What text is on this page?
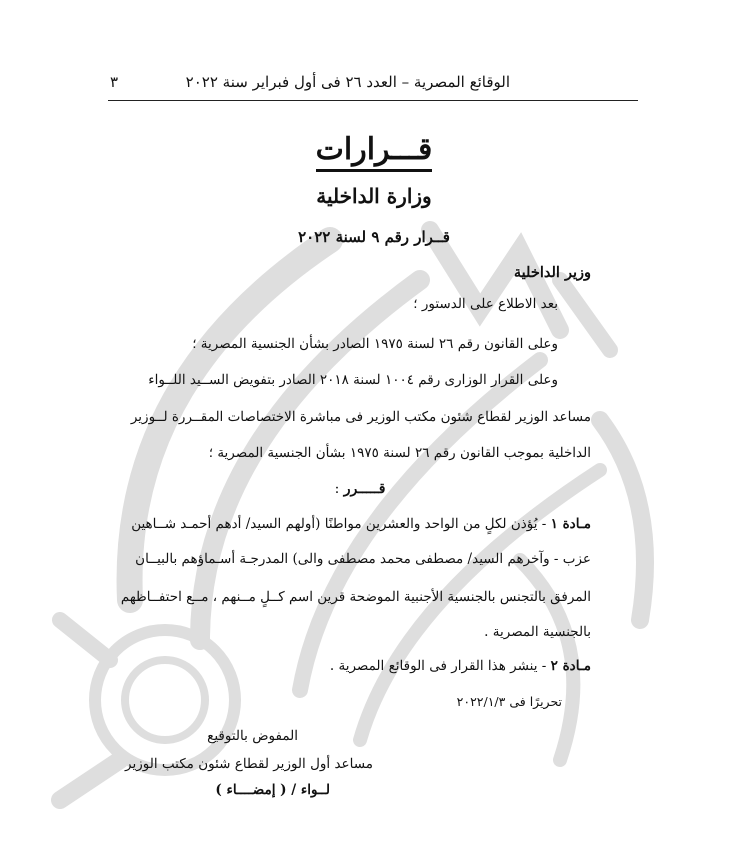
٣	الوقائع المصرية – العدد ٢٦ فى أول فبراير سنة ٢٠٢٢
قـــرارات
وزارة الداخلية
قــرار رقم ٩ لسنة ٢٠٢٢
وزير الداخلية
بعد الاطلاع على الدستور ؛
وعلى القانون رقم ٢٦ لسنة ١٩٧٥ الصادر بشأن الجنسية المصرية ؛
وعلى القرار الوزارى رقم ١٠٠٤ لسنة ٢٠١٨ الصادر بتفويض الســيد اللــواء
مساعد الوزير لقطاع شئون مكتب الوزير فى مباشرة الاختصاصات المقــررة لــوزير
الداخلية بموجب القانون رقم ٢٦ لسنة ١٩٧٥ بشأن الجنسية المصرية ؛
قـــــرر :
مـادة ١ - يُؤذن لكلٍ من الواحد والعشرين مواطنًا (أولهم السيد/ أدهم أحمـد شــاهين
عزب - وآخرهم السيد/ مصطفى محمد مصطفى والى) المدرجـة أسـماؤهم بالبيــان
المرفق بالتجنس بالجنسية الأجنبية الموضحة قرين اسم كــلٍ مــنهم ، مــع احتفــاظهم
بالجنسية المصرية .
مـادة ٢ - ينشر هذا القرار فى الوقائع المصرية .
تحريرًا فى ٢٠٢٢/١/٣
المفوض بالتوقيع
مساعد أول الوزير لقطاع شئون مكتب الوزير
لــواء / ( إمضــــاء )
